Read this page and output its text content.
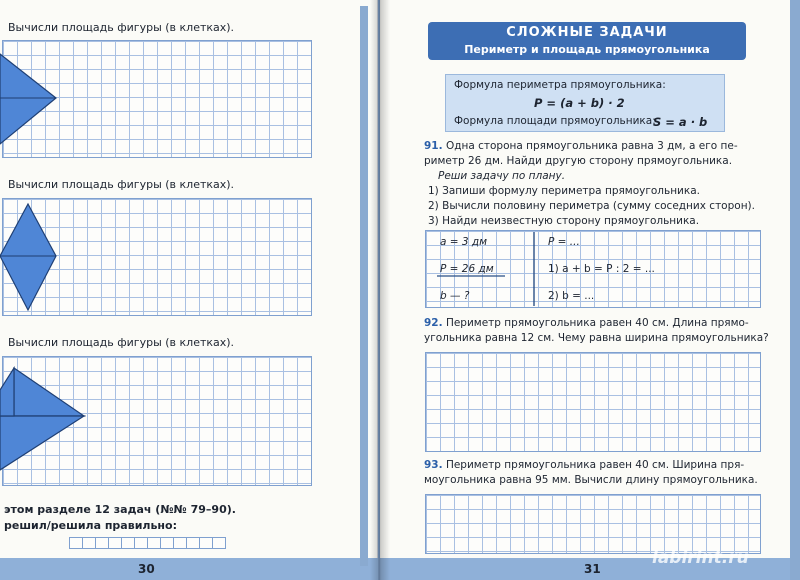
Вычисли площадь фигуры (в клетках).
Вычисли площадь фигуры (в клетках).
Вычисли площадь фигуры (в клетках).
этом разделе 12 задач (№№ 79–90).
решил/решила правильно:
30	31
СЛОЖНЫЕ ЗАДАЧИ
Периметр и площадь прямоугольника
Формула периметра прямоугольника:
P = (a + b) · 2
Формула площади прямоугольника:
S = a · b
91. Одна сторона прямоугольника равна 3 дм, а его пе-
риметр 26 дм. Найди другую сторону прямоугольника.
Реши задачу по плану.
1) Запиши формулу периметра прямоугольника.
2) Вычисли половину периметра (сумму соседних сторон).
3) Найди неизвестную сторону прямоугольника.
a = 3 дм
P = 26 дм
b — ?
P = ...
1) a + b = P : 2 = ...
2) b = ...
92. Периметр прямоугольника равен 40 см. Длина прямо-
угольника равна 12 см. Чему равна ширина прямоугольника?
93. Периметр прямоугольника равен 40 см. Ширина пря-
моугольника равна 95 мм. Вычисли длину прямоугольника.
labirint.ru
